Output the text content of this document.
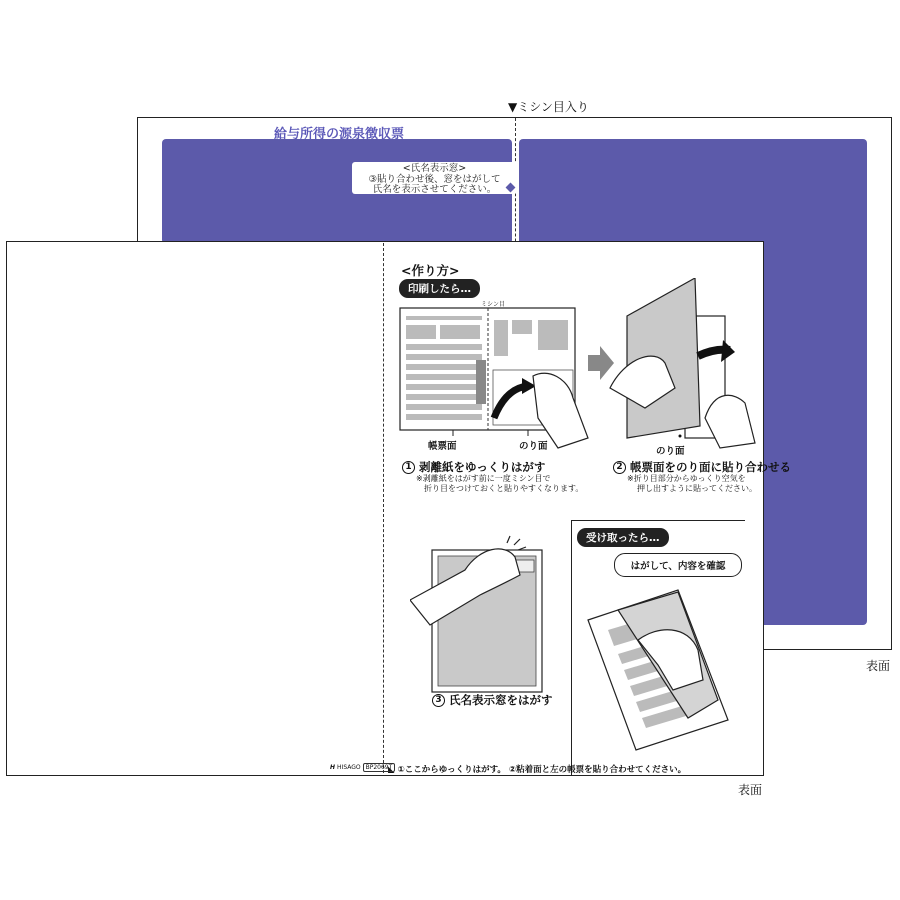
▼ミシン目入り
給与所得の源泉徴収票
<氏名表示窓>
③貼り合わせ後、窓をはがして
氏名を表示させてください。
表面
<作り方>
印刷したら…
ミシン目
帳票面	のり面	のり面
1 剥離紙をゆっくりはがす
※剥離紙をはがす前に一度ミシン目で
折り目をつけておくと貼りやすくなります。
2 帳票面をのり面に貼り合わせる
※折り目部分からゆっくり空気を
押し出すように貼ってください。
3 氏名表示窓をはがす
受け取ったら…
はがして、内容を確認
◣ ①ここからゆっくりはがす。 ②粘着面と左の帳票を貼り合わせてください。
H HISAGO BP2069T
表面
